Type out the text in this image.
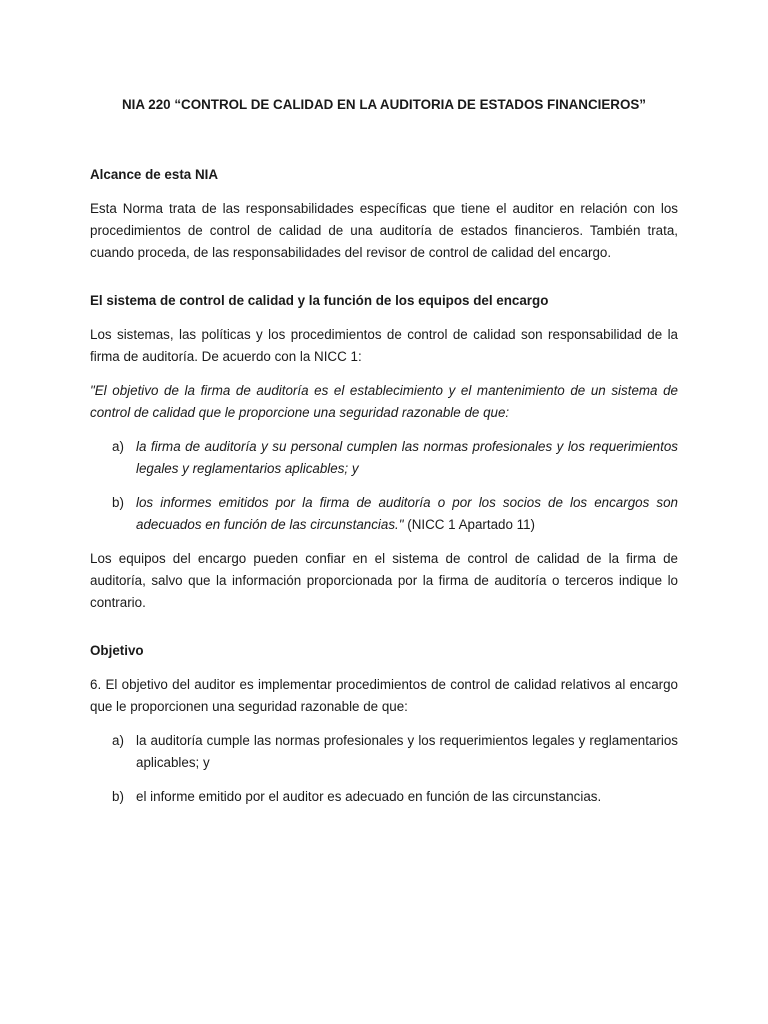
NIA 220 “CONTROL DE CALIDAD EN LA AUDITORIA DE ESTADOS FINANCIEROS”
Alcance de esta NIA

Esta Norma trata de las responsabilidades específicas que tiene el auditor en relación con los procedimientos de control de calidad de una auditoría de estados financieros. También trata, cuando proceda, de las responsabilidades del revisor de control de calidad del encargo.

El sistema de control de calidad y la función de los equipos del encargo

Los sistemas, las políticas y los procedimientos de control de calidad son responsabilidad de la firma de auditoría. De acuerdo con la NICC 1:

"El objetivo de la firma de auditoría es el establecimiento y el mantenimiento de un sistema de control de calidad que le proporcione una seguridad razonable de que:

a) la firma de auditoría y su personal cumplen las normas profesionales y los requerimientos legales y reglamentarios aplicables; y
b) los informes emitidos por la firma de auditoría o por los socios de los encargos son adecuados en función de las circunstancias." (NICC 1 Apartado 11)

Los equipos del encargo pueden confiar en el sistema de control de calidad de la firma de auditoría, salvo que la información proporcionada por la firma de auditoría o terceros indique lo contrario.

Objetivo

6. El objetivo del auditor es implementar procedimientos de control de calidad relativos al encargo que le proporcionen una seguridad razonable de que:

a) la auditoría cumple las normas profesionales y los requerimientos legales y reglamentarios aplicables; y
b) el informe emitido por el auditor es adecuado en función de las circunstancias.
